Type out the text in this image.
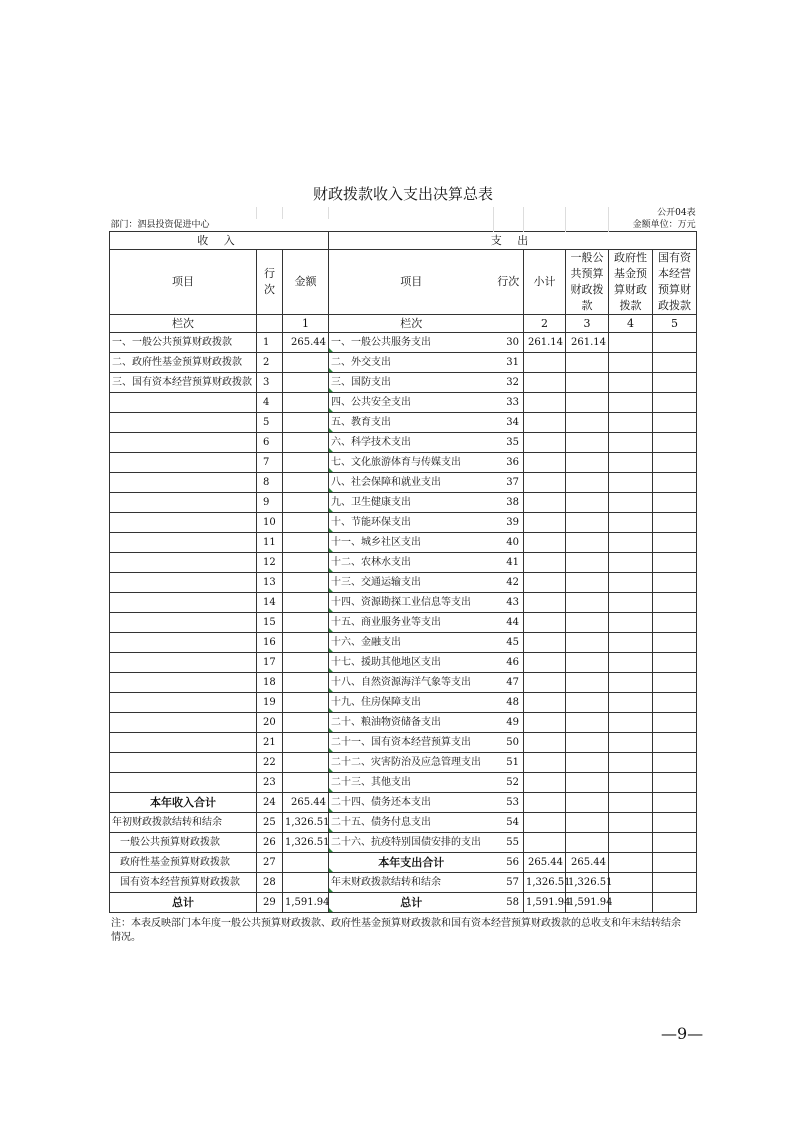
财政拨款收入支出决算总表								
							公开04表	
部门：泗县投资促进中心							金额单位：万元	
收 入			支 出					
项目	行次	金额	项目	行次	小计	一般公共预算财政拨款	政府性基金预算财政拨款	国有资本经营预算财政拨款
栏次		1	栏次		2	3	4	5
一、一般公共预算财政拨款	1	265.44	一、一般公共服务支出	30	261.14	261.14		
二、政府性基金预算财政拨款	2		二、外交支出	31				
三、国有资本经营预算财政拨款	3		三、国防支出	32				
	4		四、公共安全支出	33				
	5		五、教育支出	34				
	6		六、科学技术支出	35				
	7		七、文化旅游体育与传媒支出	36				
	8		八、社会保障和就业支出	37				
	9		九、卫生健康支出	38				
	10		十、节能环保支出	39				
	11		十一、城乡社区支出	40				
	12		十二、农林水支出	41				
	13		十三、交通运输支出	42				
	14		十四、资源勘探工业信息等支出	43				
	15		十五、商业服务业等支出	44				
	16		十六、金融支出	45				
	17		十七、援助其他地区支出	46				
	18		十八、自然资源海洋气象等支出	47				
	19		十九、住房保障支出	48				
	20		二十、粮油物资储备支出	49				
	21		二十一、国有资本经营预算支出	50				
	22		二十二、灾害防治及应急管理支出	51				
	23		二十三、其他支出	52				
本年收入合计	24	265.44	二十四、债务还本支出	53				
年初财政拨款结转和结余	25	1,326.51	二十五、债务付息支出	54				
一般公共预算财政拨款	26	1,326.51	二十六、抗疫特别国债安排的支出	55				
政府性基金预算财政拨款	27		本年支出合计	56	265.44	265.44		
国有资本经营预算财政拨款	28		年末财政拨款结转和结余	57	1,326.51	1,326.51		
总计	29	1,591.94	总计	58	1,591.94	1,591.94		
注：本表反映部门本年度一般公共预算财政拨款、政府性基金预算财政拨款和国有资本经营预算财政拨款的总收支和年末结转结余
情况。
—9—
